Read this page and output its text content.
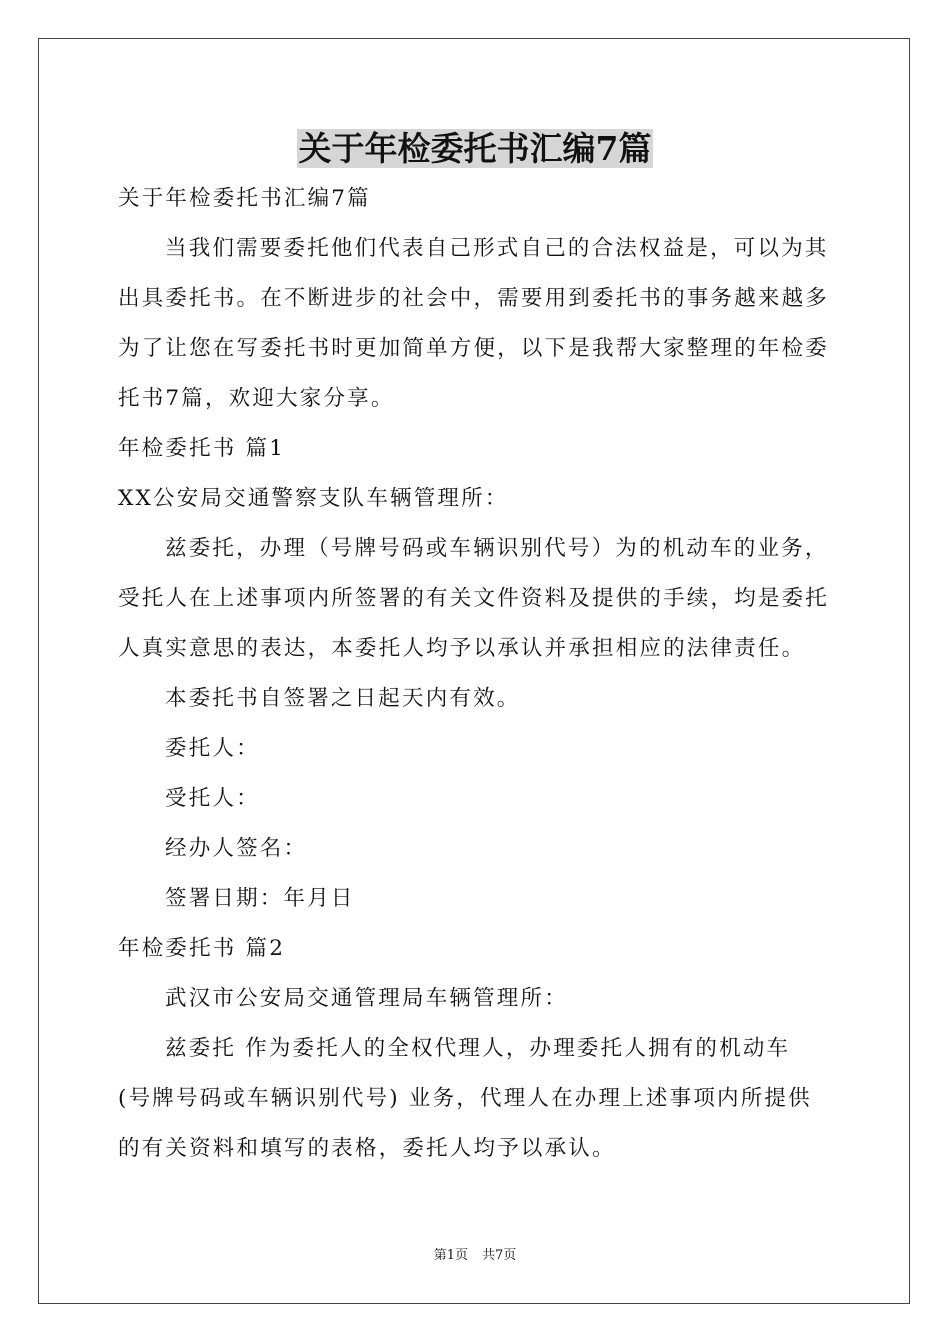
关于年检委托书汇编7篇
关于年检委托书汇编7篇
当我们需要委托他们代表自己形式自己的合法权益是，可以为其
出具委托书。在不断进步的社会中，需要用到委托书的事务越来越多
为了让您在写委托书时更加简单方便，以下是我帮大家整理的年检委
托书7篇，欢迎大家分享。
年检委托书 篇1
XX公安局交通警察支队车辆管理所：
兹委托，办理（号牌号码或车辆识别代号）为的机动车的业务，
受托人在上述事项内所签署的有关文件资料及提供的手续，均是委托
人真实意思的表达，本委托人均予以承认并承担相应的法律责任。
本委托书自签署之日起天内有效。
委托人：
受托人：
经办人签名：
签署日期：年月日
年检委托书 篇2
武汉市公安局交通管理局车辆管理所：
兹委托 作为委托人的全权代理人，办理委托人拥有的机动车
(号牌号码或车辆识别代号) 业务，代理人在办理上述事项内所提供
的有关资料和填写的表格，委托人均予以承认。
第1页 共7页
